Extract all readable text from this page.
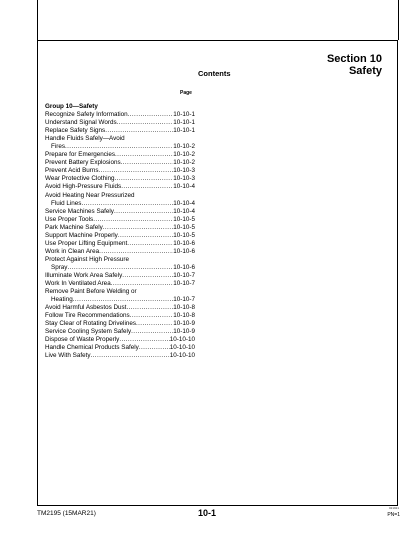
Section 10
Safety
Contents
Page
Group 10—Safety
Recognize Safety Information .....	10-10-1
Understand Signal Words .....	10-10-1
Replace Safety Signs .....	10-10-1
Handle Fluids Safely—Avoid
Fires .....	10-10-2
Prepare for Emergencies .....	10-10-2
Prevent Battery Explosions .....	10-10-2
Prevent Acid Burns .....	10-10-3
Wear Protective Clothing .....	10-10-3
Avoid High-Pressure Fluids .....	10-10-4
Avoid Heating Near Pressurized
Fluid Lines .....	10-10-4
Service Machines Safely .....	10-10-4
Use Proper Tools .....	10-10-5
Park Machine Safely .....	10-10-5
Support Machine Properly .....	10-10-5
Use Proper Lifting Equipment .....	10-10-6
Work in Clean Area .....	10-10-6
Protect Against High Pressure
Spray .....	10-10-6
Illuminate Work Area Safely .....	10-10-7
Work In Ventilated Area .....	10-10-7
Remove Paint Before Welding or
Heating .....	10-10-7
Avoid Harmful Asbestos Dust .....	10-10-8
Follow Tire Recommendations .....	10-10-8
Stay Clear of Rotating Drivelines .....	10-10-9
Service Cooling System Safely .....	10-10-9
Dispose of Waste Properly .....	10-10-10
Handle Chemical Products Safely .....	10-10-10
Live With Safety .....	10-10-10
TM2195 (15MAR21)	10-1	021921
PN=1
